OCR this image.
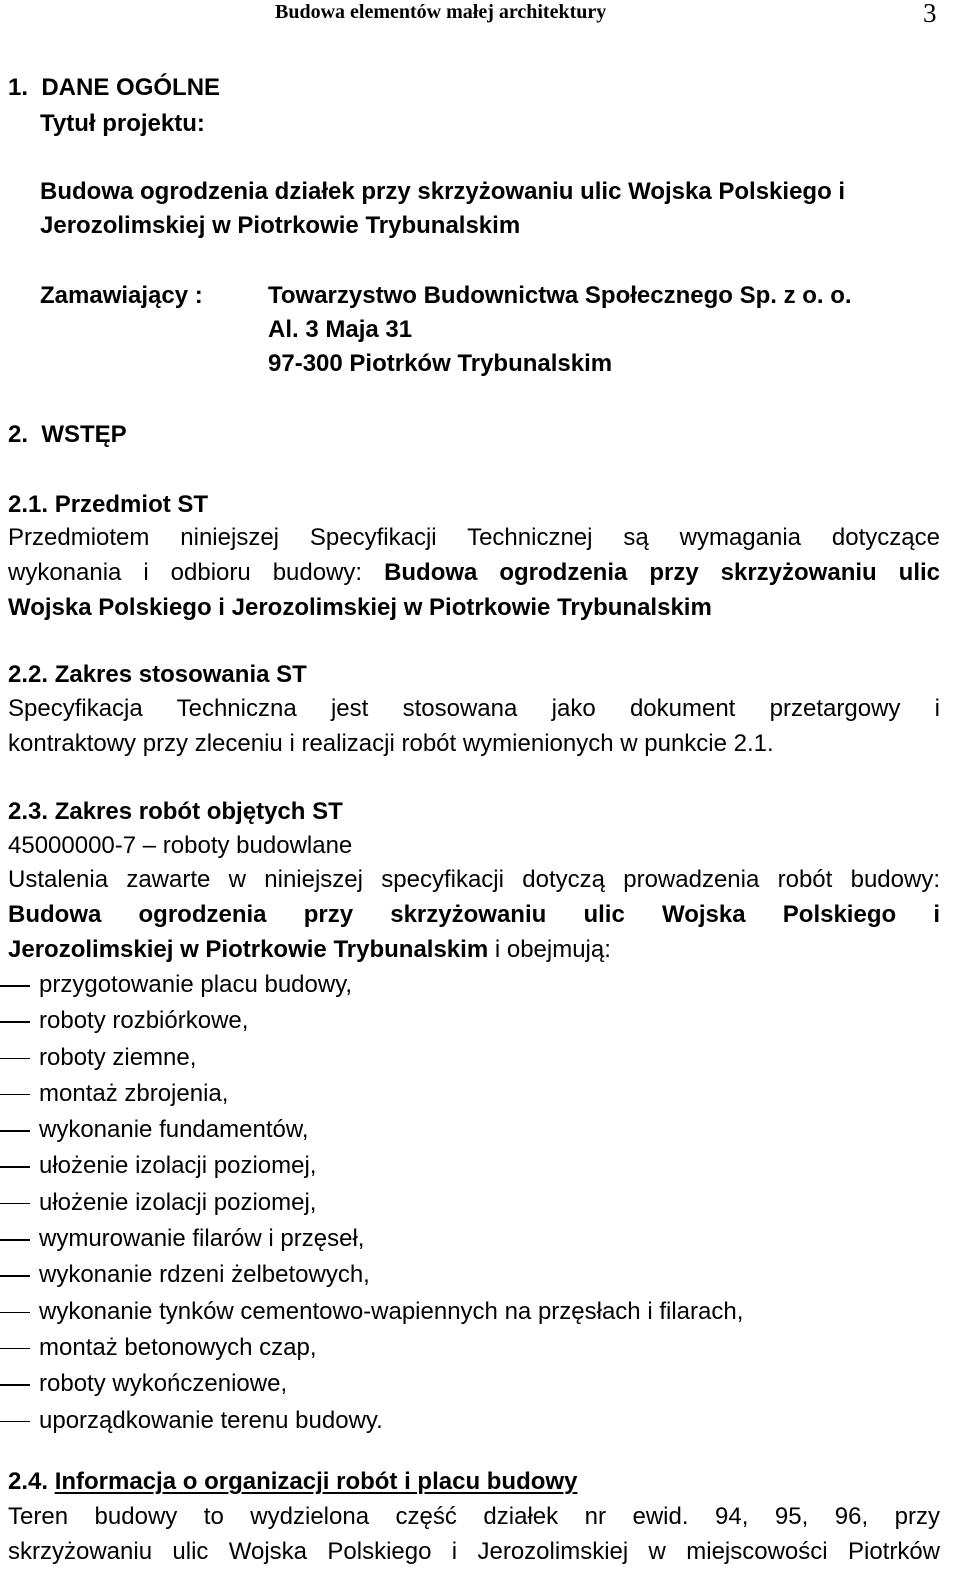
Budowa elementów małej architektury	3
1.  DANE OGÓLNE
Tytuł projektu:
Budowa ogrodzenia działek przy skrzyżowaniu ulic Wojska Polskiego i
Jerozolimskiej w Piotrkowie Trybunalskim
Zamawiający :	Towarzystwo Budownictwa Społecznego Sp. z o. o.
Al. 3 Maja 31
97-300 Piotrków Trybunalskim
2.  WSTĘP
2.1. Przedmiot ST
Przedmiotem niniejszej Specyfikacji Technicznej są wymagania dotyczące
wykonania i odbioru budowy: Budowa ogrodzenia przy skrzyżowaniu ulic
Wojska Polskiego i Jerozolimskiej w Piotrkowie Trybunalskim
2.2. Zakres stosowania ST
Specyfikacja Techniczna jest stosowana jako dokument przetargowy i
kontraktowy przy zleceniu i realizacji robót wymienionych w punkcie 2.1.
2.3. Zakres robót objętych ST
45000000-7 – roboty budowlane
Ustalenia zawarte w niniejszej specyfikacji dotyczą prowadzenia robót budowy:
Budowa ogrodzenia przy skrzyżowaniu ulic Wojska Polskiego i
Jerozolimskiej w Piotrkowie Trybunalskim i obejmują:
przygotowanie placu budowy,
roboty rozbiórkowe,
roboty ziemne,
montaż zbrojenia,
wykonanie fundamentów,
ułożenie izolacji poziomej,
ułożenie izolacji poziomej,
wymurowanie filarów i przęseł,
wykonanie rdzeni żelbetowych,
wykonanie tynków cementowo-wapiennych na przęsłach i filarach,
montaż betonowych czap,
roboty wykończeniowe,
uporządkowanie terenu budowy.
2.4. Informacja o organizacji robót i placu budowy
Teren budowy to wydzielona część działek nr ewid. 94, 95, 96, przy
skrzyżowaniu ulic Wojska Polskiego i Jerozolimskiej w miejscowości Piotrków
